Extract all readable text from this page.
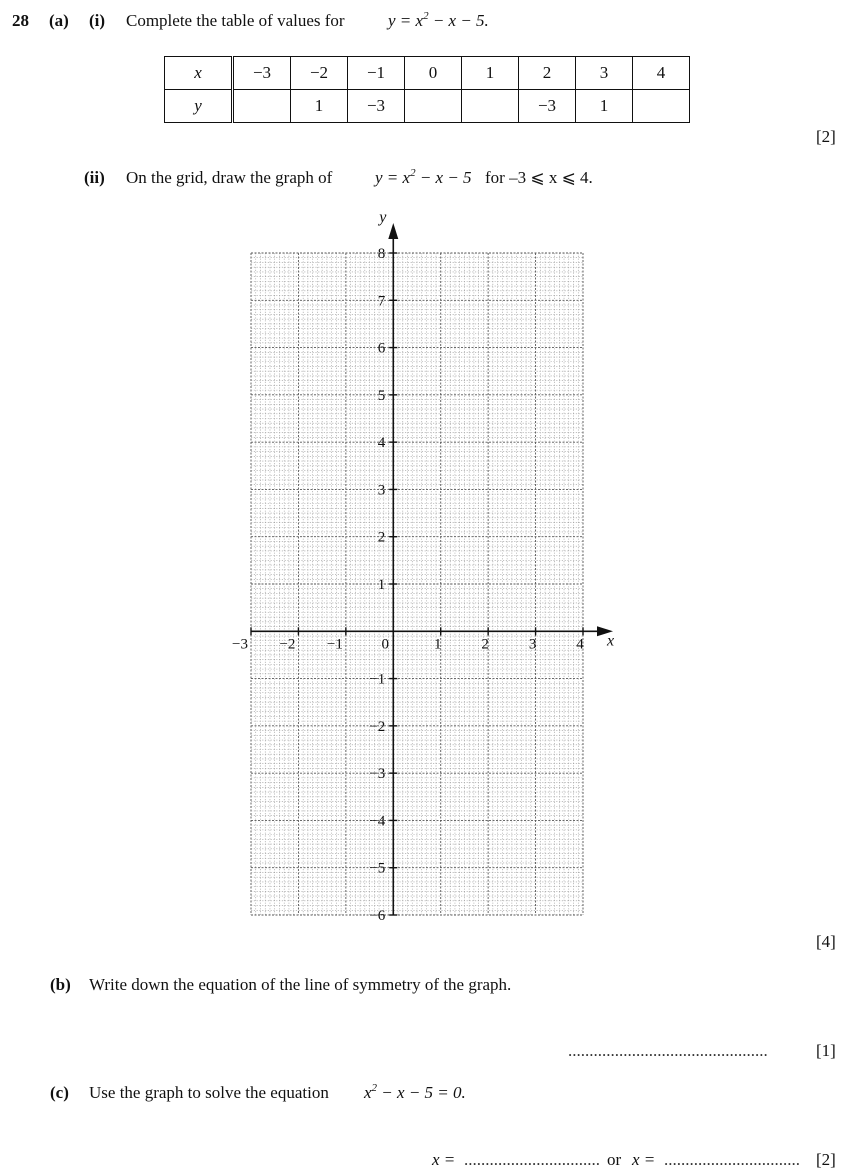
28 (a) (i) Complete the table of values for	$y = x^2 - x - 5$.
x	−3	−2	−1	0	1	2	3	4
y		1	−3			−3	1	
[2]
(ii) On the grid, draw the graph of	$y = x^2 - x - 5$ for –3 ⩽ x ⩽ 4.
y
x
8
7
6
5
4
3
2
1
−1
−2
−3
−4
−5
−6
−3 −2 −1	0	1	2	3	4
[4]
(b) Write down the equation of the line of symmetry of the graph.
...............................................	[1]
(c) Use the graph to solve the equation $x^2 - x - 5 = 0$.
x = ................................ or x = ................................ [2]
